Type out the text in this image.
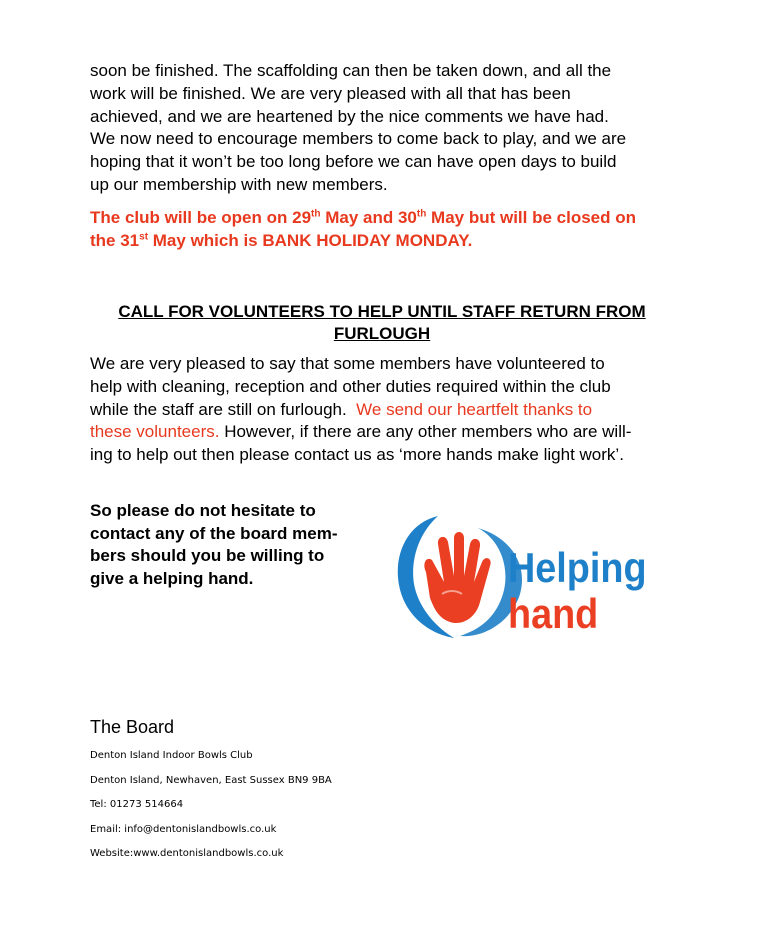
soon be finished. The scaffolding can then be taken down, and all the
work will be finished. We are very pleased with all that has been
achieved, and we are heartened by the nice comments we have had.
We now need to encourage members to come back to play, and we are
hoping that it won’t be too long before we can have open days to build
up our membership with new members.
The club will be open on 29th May and 30th May but will be closed on
the 31st May which is BANK HOLIDAY MONDAY.
CALL FOR VOLUNTEERS TO HELP UNTIL STAFF RETURN FROM
FURLOUGH
We are very pleased to say that some members have volunteered to
help with cleaning, reception and other duties required within the club
while the staff are still on furlough.  We send our heartfelt thanks to
these volunteers. However, if there are any other members who are will-
ing to help out then please contact us as ‘more hands make light work’.
So please do not hesitate to
contact any of the board mem-
bers should you be willing to
give a helping hand.	Helping
hand
The Board
Denton Island Indoor Bowls Club
Denton Island, Newhaven, East Sussex BN9 9BA
Tel: 01273 514664
Email: info@dentonislandbowls.co.uk
Website:www.dentonislandbowls.co.uk
